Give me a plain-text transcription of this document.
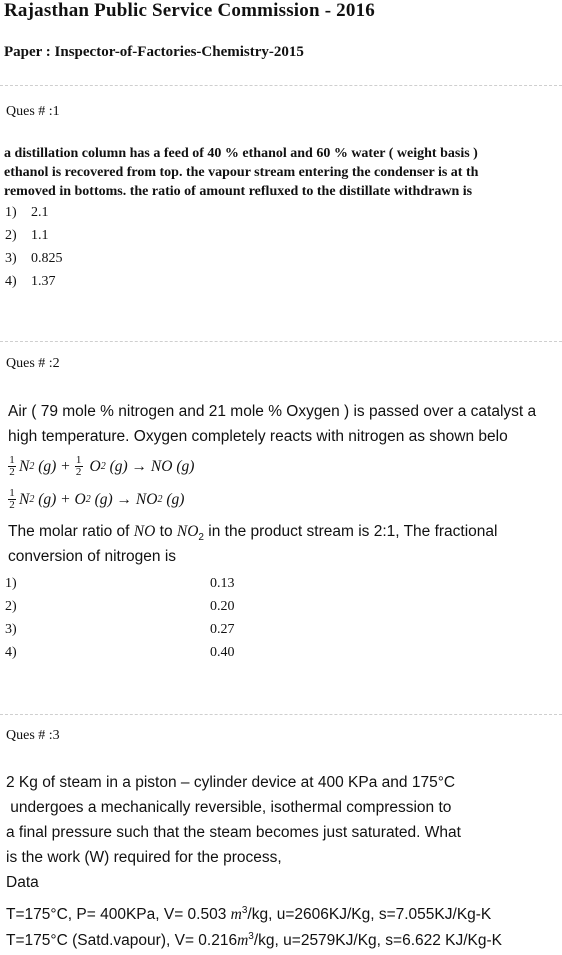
Rajasthan Public Service Commission - 2016
Paper : Inspector-of-Factories-Chemistry-2015
Ques # :1
a distillation column has a feed of 40 % ethanol and 60 % water ( weight basis )
ethanol is recovered from top. the vapour stream entering the condenser is at th
removed in bottoms. the ratio of amount refluxed to the distillate withdrawn is
1) 2.1
2) 1.1
3) 0.825
4) 1.37
Ques # :2
Air ( 79 mole % nitrogen and 21 mole % Oxygen ) is passed over a catalyst a
high temperature. Oxygen completely reacts with nitrogen as shown belo
$\frac{1}{2}$ N 2 $(g) + \frac{1}{2}$ O 2 (g) → NO (g)
$\frac{1}{2}$ N 2 (g) + O 2 (g) → NO 2 (g)
The molar ratio of NO to $NO_2$ in the product stream is 2:1, The fractional
conversion of nitrogen is
1)	0.13
2)	0.20
3)	0.27
4)	0.40
Ques # :3
2 Kg of steam in a piston – cylinder device at 400 KPa and 175°C
undergoes a mechanically reversible, isothermal compression to
a final pressure such that the steam becomes just saturated. What
is the work (W) required for the process,
Data
T=175°C, P= 400KPa, V= 0.503 $m^3/kg$, u=2606KJ/Kg, s=7.055KJ/Kg-K
T=175°C (Satd.vapour), $V= 0.216m^3/kg$, u=2579KJ/Kg, s=6.622 KJ/Kg-K
